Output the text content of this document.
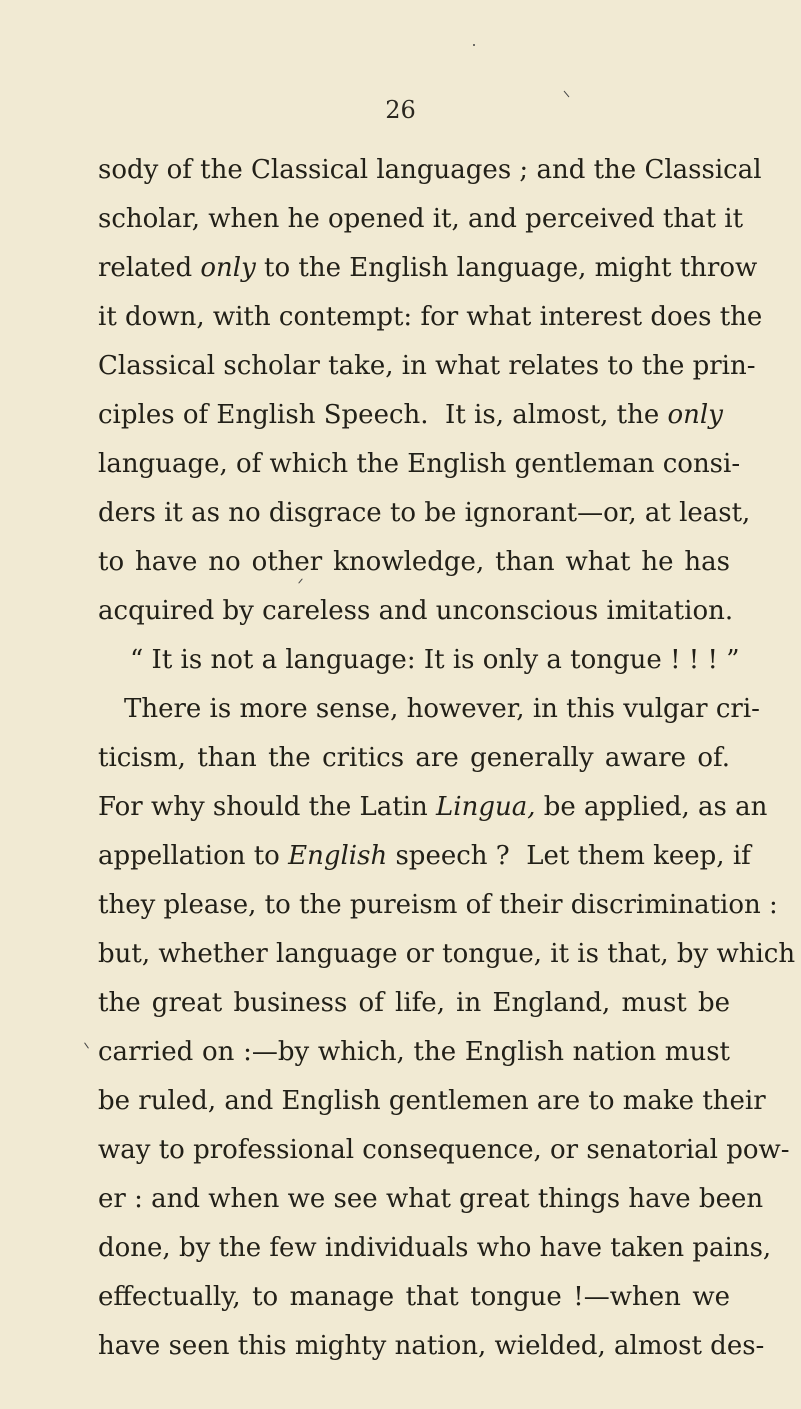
26
sody of the Classical languages ; and the Classical
scholar, when he opened it, and perceived that it
related only to the English language, might throw
it down, with contempt: for what interest does the
Classical scholar take, in what relates to the prin-
ciples of English Speech.  It is, almost, the only
language, of which the English gentleman consi-
ders it as no disgrace to be ignorant—or, at least,
to have no other knowledge, than what he has
acquired by careless and unconscious imitation.
“ It is not a language: It is only a tongue ! ! ! ”
There is more sense, however, in this vulgar cri-
ticism, than the critics are generally aware of.
For why should the Latin Lingua, be applied, as an
appellation to English speech ?  Let them keep, if
they please, to the pureism of their discrimination :
but, whether language or tongue, it is that, by which
the great business of life, in England, must be
carried on :—by which, the English nation must
be ruled, and English gentlemen are to make their
way to professional consequence, or senatorial pow-
er : and when we see what great things have been
done, by the few individuals who have taken pains,
effectually, to manage that tongue !—when we
have seen this mighty nation, wielded, almost des-
